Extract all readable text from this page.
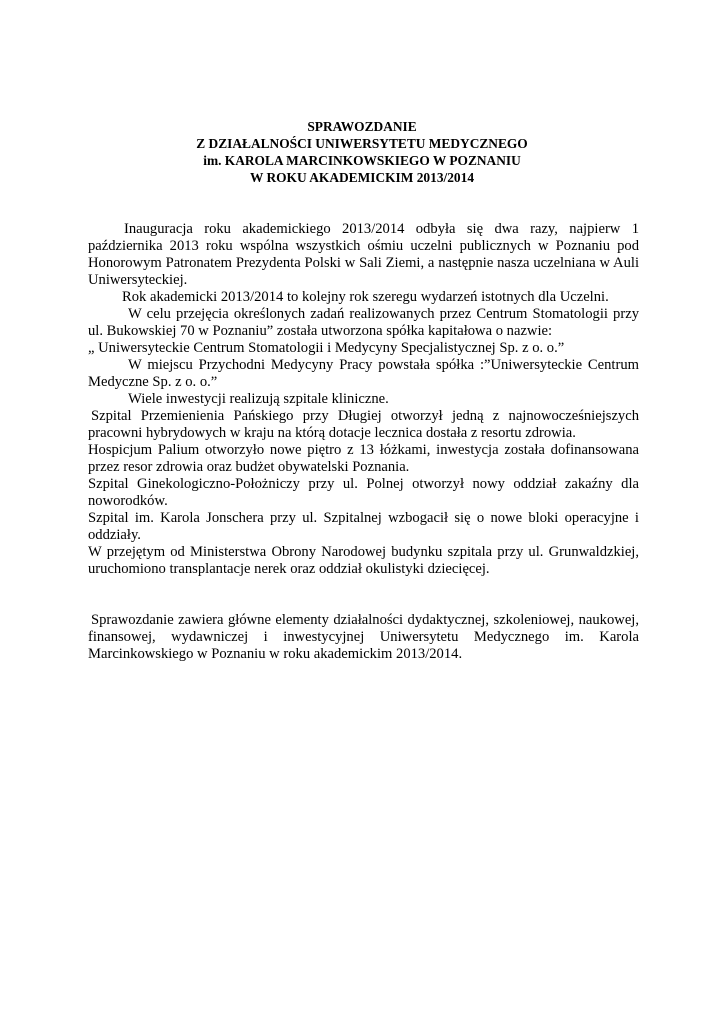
SPRAWOZDANIE
Z DZIAŁALNOŚCI UNIWERSYTETU MEDYCZNEGO
im. KAROLA MARCINKOWSKIEGO W POZNANIU
W ROKU AKADEMICKIM 2013/2014

Inauguracja roku akademickiego 2013/2014 odbyła się dwa razy, najpierw 1 października 2013 roku wspólna wszystkich ośmiu uczelni publicznych w Poznaniu pod Honorowym Patronatem Prezydenta Polski w Sali Ziemi, a następnie nasza uczelniana w Auli Uniwersyteckiej.

Rok akademicki 2013/2014 to kolejny rok szeregu wydarzeń istotnych dla Uczelni.

W celu przejęcia określonych zadań realizowanych przez Centrum Stomatologii przy ul. Bukowskiej 70 w Poznaniu” została utworzona spółka kapitałowa o nazwie:

„ Uniwersyteckie Centrum Stomatologii i Medycyny Specjalistycznej Sp. z o. o.”

W miejscu Przychodni Medycyny Pracy powstała spółka :”Uniwersyteckie Centrum Medyczne Sp. z o. o.”

Wiele inwestycji realizują szpitale kliniczne.

Szpital Przemienienia Pańskiego przy Długiej otworzył jedną z najnowocześniejszych pracowni hybrydowych w kraju na którą dotacje lecznica dostała z resortu zdrowia.

Hospicjum Palium otworzyło nowe piętro z 13 łóżkami, inwestycja została dofinansowana przez resor zdrowia oraz budżet obywatelski Poznania.

Szpital Ginekologiczno-Położniczy przy ul. Polnej otworzył nowy oddział zakaźny dla noworodków.

Szpital im. Karola Jonschera przy ul. Szpitalnej wzbogacił się o nowe bloki operacyjne i oddziały.

W przejętym od Ministerstwa Obrony Narodowej budynku szpitala przy ul. Grunwaldzkiej, uruchomiono transplantacje nerek oraz oddział okulistyki dziecięcej.

Sprawozdanie zawiera główne elementy działalności dydaktycznej, szkoleniowej, naukowej, finansowej, wydawniczej i inwestycyjnej Uniwersytetu Medycznego im. Karola Marcinkowskiego w Poznaniu w roku akademickim 2013/2014.
